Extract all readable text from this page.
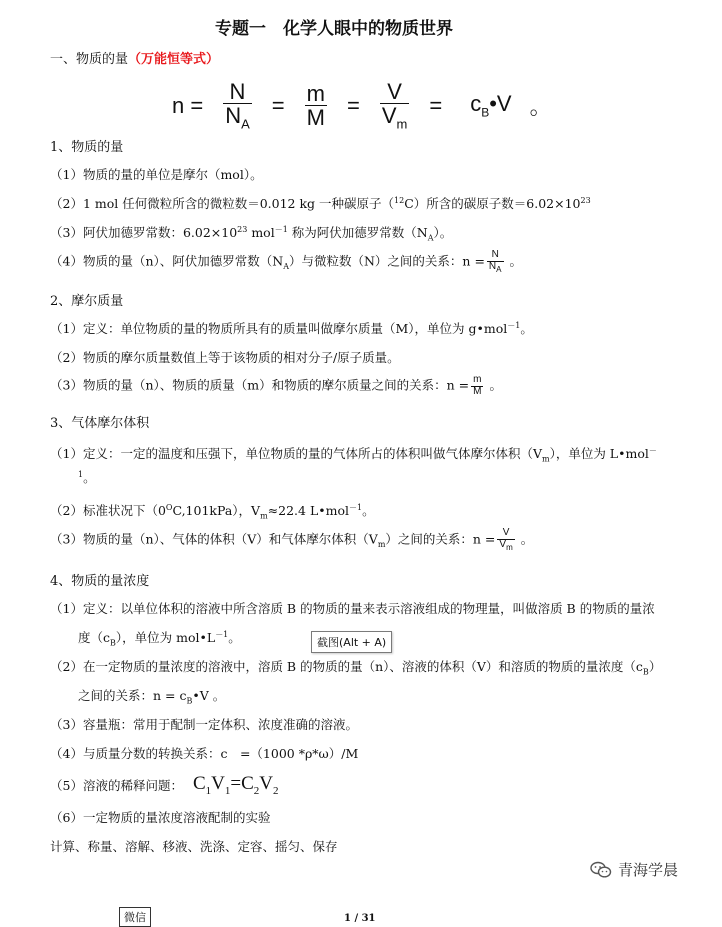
专题一　化学人眼中的物质世界
一、物质的量（万能恒等式）
$n = \frac{N}{N_A} = \frac{m}{M} = \frac{V}{V_m}$ = $c_B•V$ 。
1、物质的量
（1）物质的量的单位是摩尔（mol）。
（2）1 mol 任何微粒所含的微粒数＝0.012 kg 一种碳原子（$^{12}$C）所含的碳原子数$=6.02\times 10^{23}$
（3）阿伏加德罗常数：$6.02\times 10^{23}$ mol$^{-1}$ 称为阿伏加德罗常数$(N_A)$。
（4）物质的量（n）、阿伏加德罗常数$(N_A)$与微粒数（N）之间的关系：$n = \frac{N}{N_A}$ 。
2、摩尔质量
（1）定义：单位物质的量的物质所具有的质量叫做摩尔质量（M），单位为 g•mol$^{-1}$。
（2）物质的摩尔质量数值上等于该物质的相对分子/原子质量。
（3）物质的量（n）、物质的质量（m）和物质的摩尔质量之间的关系：$n = \frac{m}{M}$ 。
3、气体摩尔体积
（1）定义：一定的温度和压强下，单位物质的量的气体所占的体积叫做气体摩尔体积$(V_m)$，单位为 L•mol－
$^1$。
（2）标准状况下$(0^OC,101kPa)$，$V_m\approx 22.4$ L•mol$^{-1}$。
（3）物质的量（n）、气体的体积（V）和气体摩尔体积$(V_m)$之间的关系：$n = \frac{V}{V_m}$ 。
4、物质的量浓度
（1）定义：以单位体积的溶液中所含溶质 B 的物质的量来表示溶液组成的物理量，叫做溶质 B 的物质的量浓
度$(c_B)$，单位为 $mol•L^{-1}$。	截图(Alt + A)
（2）在一定物质的量浓度的溶液中，溶质 B 的物质的量（n）、溶液的体积（V）和溶质的物质的量浓度$(c_B)$
之间的关系：$n = c_B•V$ 。
（3）容量瓶：常用于配制一定体积、浓度准确的溶液。
（4）与质量分数的转换关系：c　=（1000 *ρ*ω）/M
（5）溶液的稀释问题： $C_1V_1=C_2V_2$
（6）一定物质的量浓度溶液配制的实验
计算、称量、溶解、移液、洗涤、定容、摇匀、保存
青海学晨
微信	1 / 31
